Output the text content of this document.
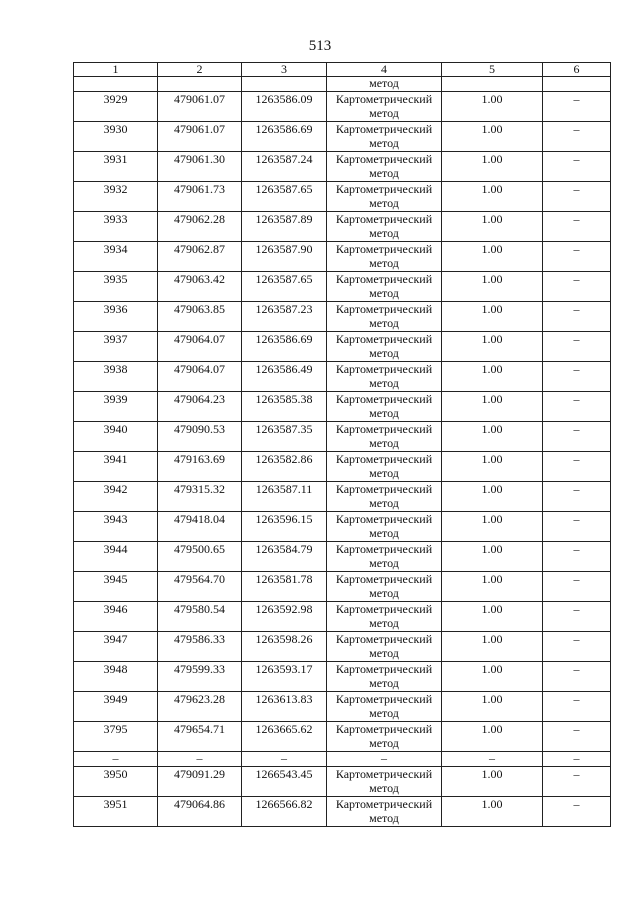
513
1	2	3	4	5	6
			метод		
3929	479061.07	1263586.09	Картометрический метод	1.00	–
3930	479061.07	1263586.69	Картометрический метод	1.00	–
3931	479061.30	1263587.24	Картометрический метод	1.00	–
3932	479061.73	1263587.65	Картометрический метод	1.00	–
3933	479062.28	1263587.89	Картометрический метод	1.00	–
3934	479062.87	1263587.90	Картометрический метод	1.00	–
3935	479063.42	1263587.65	Картометрический метод	1.00	–
3936	479063.85	1263587.23	Картометрический метод	1.00	–
3937	479064.07	1263586.69	Картометрический метод	1.00	–
3938	479064.07	1263586.49	Картометрический метод	1.00	–
3939	479064.23	1263585.38	Картометрический метод	1.00	–
3940	479090.53	1263587.35	Картометрический метод	1.00	–
3941	479163.69	1263582.86	Картометрический метод	1.00	–
3942	479315.32	1263587.11	Картометрический метод	1.00	–
3943	479418.04	1263596.15	Картометрический метод	1.00	–
3944	479500.65	1263584.79	Картометрический метод	1.00	–
3945	479564.70	1263581.78	Картометрический метод	1.00	–
3946	479580.54	1263592.98	Картометрический метод	1.00	–
3947	479586.33	1263598.26	Картометрический метод	1.00	–
3948	479599.33	1263593.17	Картометрический метод	1.00	–
3949	479623.28	1263613.83	Картометрический метод	1.00	–
3795	479654.71	1263665.62	Картометрический метод	1.00	–
–	–	–	–	–	–
3950	479091.29	1266543.45	Картометрический метод	1.00	–
3951	479064.86	1266566.82	Картометрический метод	1.00	–
